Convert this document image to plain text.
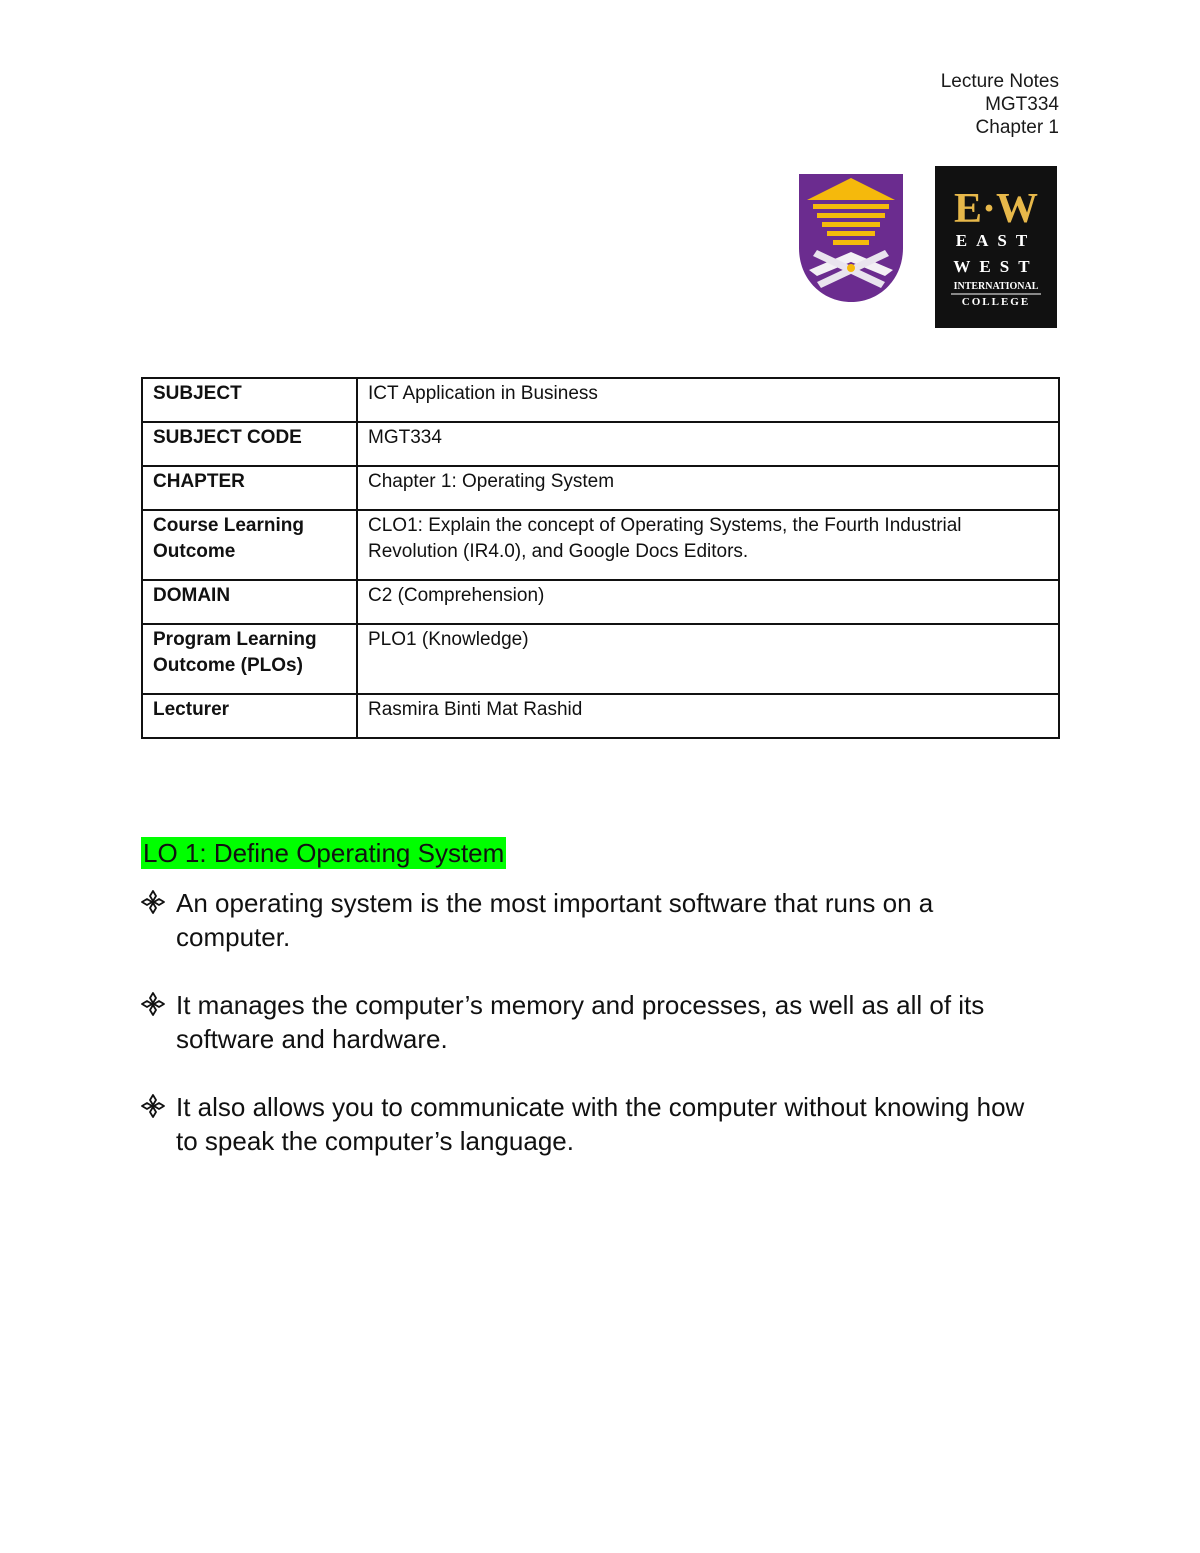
Lecture Notes
MGT334
Chapter 1
E·W
EAST
WEST
INTERNATIONAL
COLLEGE
SUBJECT	ICT Application in Business
SUBJECT CODE	MGT334
CHAPTER	Chapter 1: Operating System
Course Learning Outcome	CLO1: Explain the concept of Operating Systems, the Fourth Industrial Revolution (IR4.0), and Google Docs Editors.
DOMAIN	C2 (Comprehension)
Program Learning Outcome (PLOs)	PLO1 (Knowledge)
Lecturer	Rasmira Binti Mat Rashid
LO 1: Define Operating System
An operating system is the most important software that runs on a computer.
It manages the computer’s memory and processes, as well as all of its software and hardware.
It also allows you to communicate with the computer without knowing how to speak the computer’s language.
